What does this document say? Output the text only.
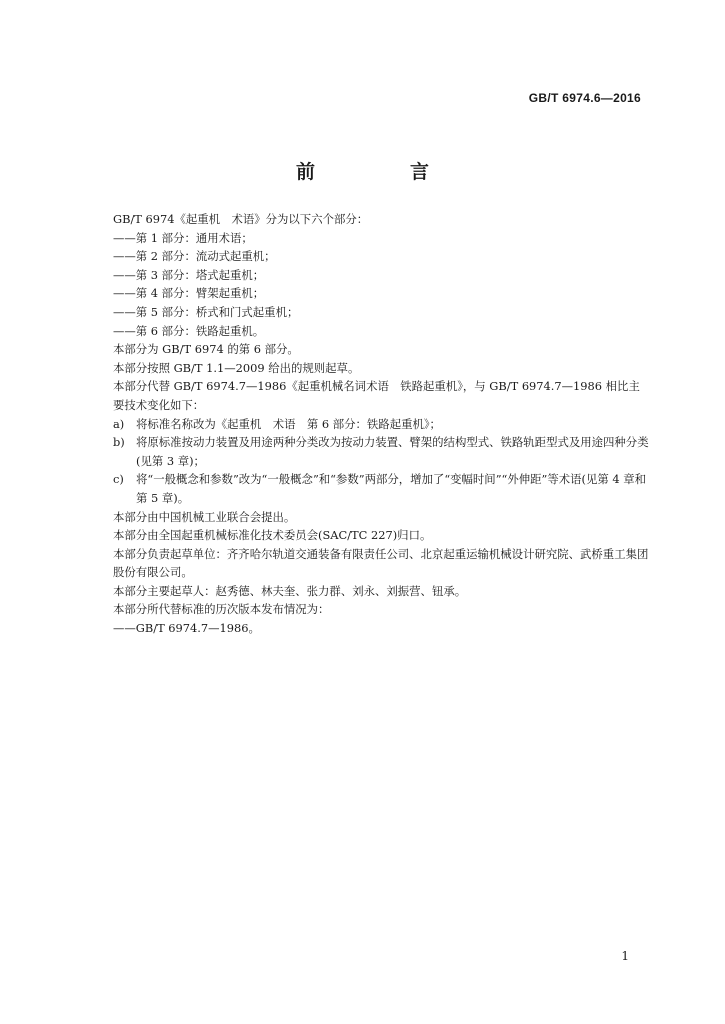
GB/T 6974.6—2016
前　言

GB/T 6974《起重机　术语》分为以下六个部分：

——第 1 部分：通用术语；

——第 2 部分：流动式起重机；

——第 3 部分：塔式起重机；

——第 4 部分：臂架起重机；

——第 5 部分：桥式和门式起重机；

——第 6 部分：铁路起重机。

本部分为 GB/T 6974 的第 6 部分。

本部分按照 GB/T 1.1—2009 给出的规则起草。

本部分代替 GB/T 6974.7—1986《起重机械名词术语　铁路起重机》，与 GB/T 6974.7—1986 相比主要技术变化如下：

a) 将标准名称改为《起重机　术语　第 6 部分：铁路起重机》；
b) 将原标准按动力装置及用途两种分类改为按动力装置、臂架的结构型式、铁路轨距型式及用途四种分类(见第 3 章)；
c) 将“一般概念和参数”改为“一般概念”和“参数”两部分，增加了“变幅时间”“外伸距”等术语(见第 4 章和第 5 章)。

本部分由中国机械工业联合会提出。

本部分由全国起重机械标准化技术委员会(SAC/TC 227)归口。

本部分负责起草单位：齐齐哈尔轨道交通装备有限责任公司、北京起重运输机械设计研究院、武桥重工集团股份有限公司。

本部分主要起草人：赵秀德、林夫奎、张力群、刘永、刘振营、钮承。

本部分所代替标准的历次版本发布情况为：

——GB/T 6974.7—1986。

1
